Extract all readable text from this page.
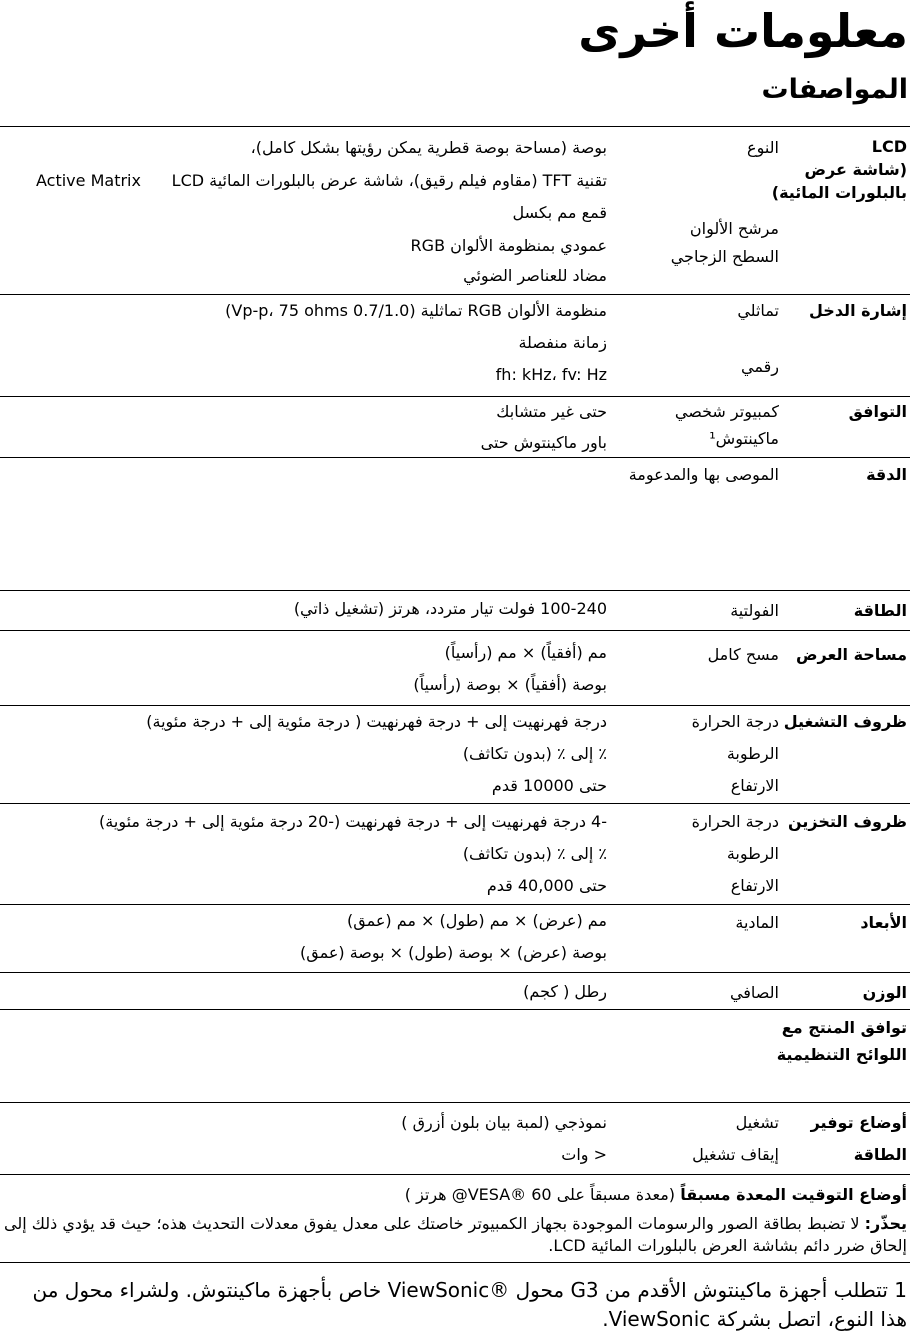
معلومات أخرى
المواصفات
LCD
(شاشة عرض
بالبلورات المائية)
النوع
بوصة (مساحة بوصة قطرية يمكن رؤيتها بشكل كامل)،
تقنية TFT (مقاوم فيلم رقيق)، شاشة عرض بالبلورات المائية LCD
Active Matrix
قمع مم بكسل
مرشح الألوان
عمودي بمنظومة الألوان RGB
السطح الزجاجي
مضاد للعناصر الضوئي
إشارة الدخل
تماثلي
منظومة الألوان RGB تماثلية (0.7/1.0 Vp-p، 75 ohms)
زمانة منفصلة
رقمي
fh: kHz، fv: Hz
التوافق
كمبيوتر شخصي
حتى غير متشابك
ماكينتوش¹
باور ماكينتوش حتى
الدقة
الموصى بها والمدعومة
الطاقة
الفولتية
100-240 فولت تيار متردد، هرتز (تشغيل ذاتي)
مساحة العرض
مسح كامل
مم (أفقياً) × مم (رأسياً)
بوصة (أفقياً) × بوصة (رأسياً)
ظروف التشغيل
درجة الحرارة
درجة فهرنهيت إلى + درجة فهرنهيت ( درجة مئوية إلى + درجة مئوية)
الرطوبة
٪ إلى ٪ (بدون تكاثف)
الارتفاع
حتى 10000 قدم
ظروف التخزين
درجة الحرارة
-4 درجة فهرنهيت إلى + درجة فهرنهيت (-20 درجة مئوية إلى + درجة مئوية)
الرطوبة
٪ إلى ٪ (بدون تكاثف)
الارتفاع
حتى 40,000 قدم
الأبعاد
المادية
مم (عرض) × مم (طول) × مم (عمق)
بوصة (عرض) × بوصة (طول) × بوصة (عمق)
الوزن
الصافي
رطل ( كجم)
توافق المنتج مع
اللوائح التنظيمية
أوضاع توفير
الطاقة
تشغيل
نموذجي (لمبة بيان بلون أزرق )
إيقاف تشغيل
< وات
أوضاع التوقيت المعدة مسبقاً
(معدة مسبقاً على VESA® 60@ هرتز )

يحذّر: لا تضبط بطاقة الصور والرسومات الموجودة بجهاز الكمبيوتر خاصتك على معدل يفوق معدلات التحديث هذه؛ حيث قد يؤدي ذلك إلى إلحاق ضرر دائم بشاشة العرض بالبلورات المائية LCD.

1 تتطلب أجهزة ماكينتوش الأقدم من G3 محول ®ViewSonic خاص بأجهزة ماكينتوش. ولشراء محول من هذا النوع، اتصل بشركة ViewSonic.
